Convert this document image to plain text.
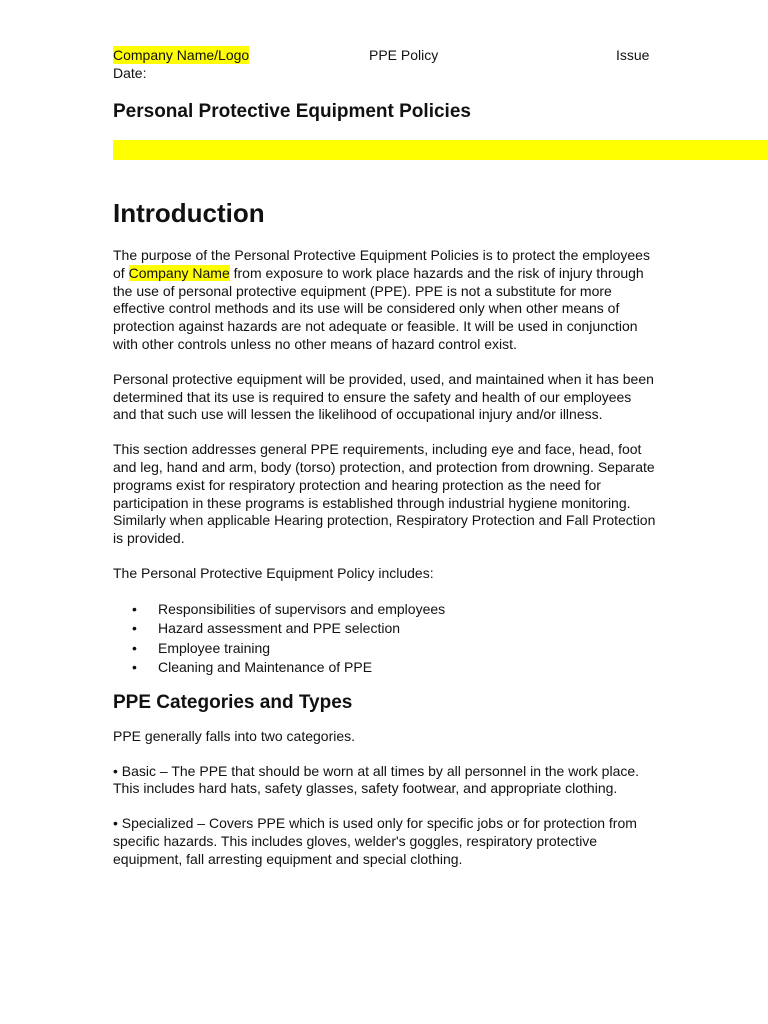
Company Name/Logo	PPE Policy	Issue
Date:
Personal Protective Equipment Policies
Introduction

The purpose of the Personal Protective Equipment Policies is to protect the employees of Company Name from exposure to work place hazards and the risk of injury through the use of personal protective equipment (PPE). PPE is not a substitute for more effective control methods and its use will be considered only when other means of protection against hazards are not adequate or feasible. It will be used in conjunction with other controls unless no other means of hazard control exist.

Personal protective equipment will be provided, used, and maintained when it has been determined that its use is required to ensure the safety and health of our employees and that such use will lessen the likelihood of occupational injury and/or illness.

This section addresses general PPE requirements, including eye and face, head, foot and leg, hand and arm, body (torso) protection, and protection from drowning. Separate programs exist for respiratory protection and hearing protection as the need for participation in these programs is established through industrial hygiene monitoring. Similarly when applicable Hearing protection, Respiratory Protection and Fall Protection is provided.

The Personal Protective Equipment Policy includes:

• Responsibilities of supervisors and employees
• Hazard assessment and PPE selection
• Employee training
• Cleaning and Maintenance of PPE
PPE Categories and Types

PPE generally falls into two categories.

• Basic – The PPE that should be worn at all times by all personnel in the work place. This includes hard hats, safety glasses, safety footwear, and appropriate clothing.

• Specialized – Covers PPE which is used only for specific jobs or for protection from specific hazards. This includes gloves, welder's goggles, respiratory protective equipment, fall arresting equipment and special clothing.
